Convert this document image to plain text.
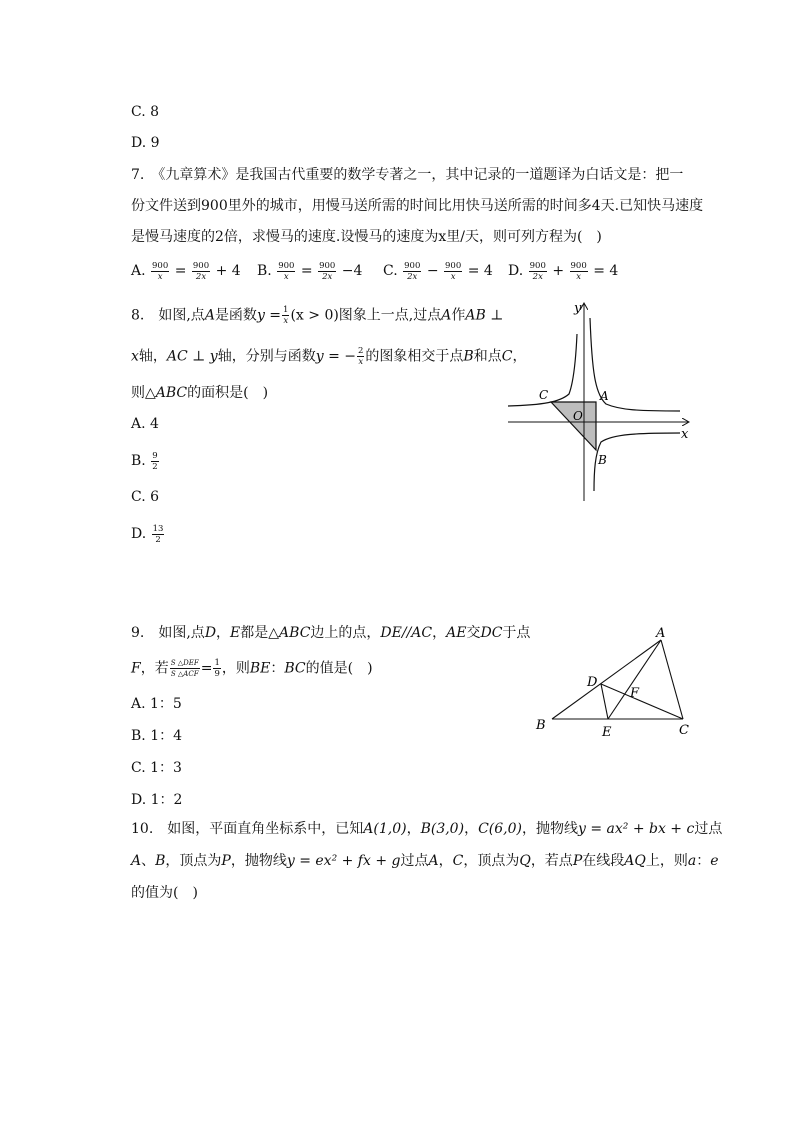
C. 8
D. 9
7.　《九章算术》是我国古代重要的数学专著之一，其中记录的一道题译为白话文是：把一
份文件送到900里外的城市，用慢马送所需的时间比用快马送所需的时间多4天.已知快马速度
是慢马速度的2倍，求慢马的速度.设慢马的速度为x里/天，则可列方程为(　)
A. $\frac{900}{x} = \frac{900}{2x} + 4$ B. $\frac{900}{x} = \frac{900}{2x} -4$ C. $\frac{900}{2x} - \frac{900}{x} = 4$ D. $\frac{900}{2x} + \frac{900}{x} = 4$
8.　如图,点A是函数$y = \frac{1}{x} (x > 0)$图象上一点,过点A作AB ⊥
x轴，AC ⊥ y轴，分别与函数y = − $\frac{2}{x}$ 的图象相交于点B和点C，
则△ABC的面积是(　)
A. 4
B. $\frac{9}{2}$
C. 6
D. $\frac{13}{2}$
y
x
O
A
B
C
9.　如图,点D，E都是△ABC边上的点，DE//AC，AE交DC于点
F，若 $\frac{\text{S △DEF}}{\text{S △ACF}} = \frac{1}{9}$ ，则BE：BC的值是(　)
A. 1：5
B. 1：4
C. 1：3
D. 1：2
A
B	C
D
E
F
10.　如图，平面直角坐标系中，已知A(1,0)，B(3,0)，C(6,0)，抛物线y = ax² + bx + c过点
A、B，顶点为P，抛物线y = ex² + fx + g过点A，C，顶点为Q，若点P在线段AQ上，则a：e
的值为(　)
